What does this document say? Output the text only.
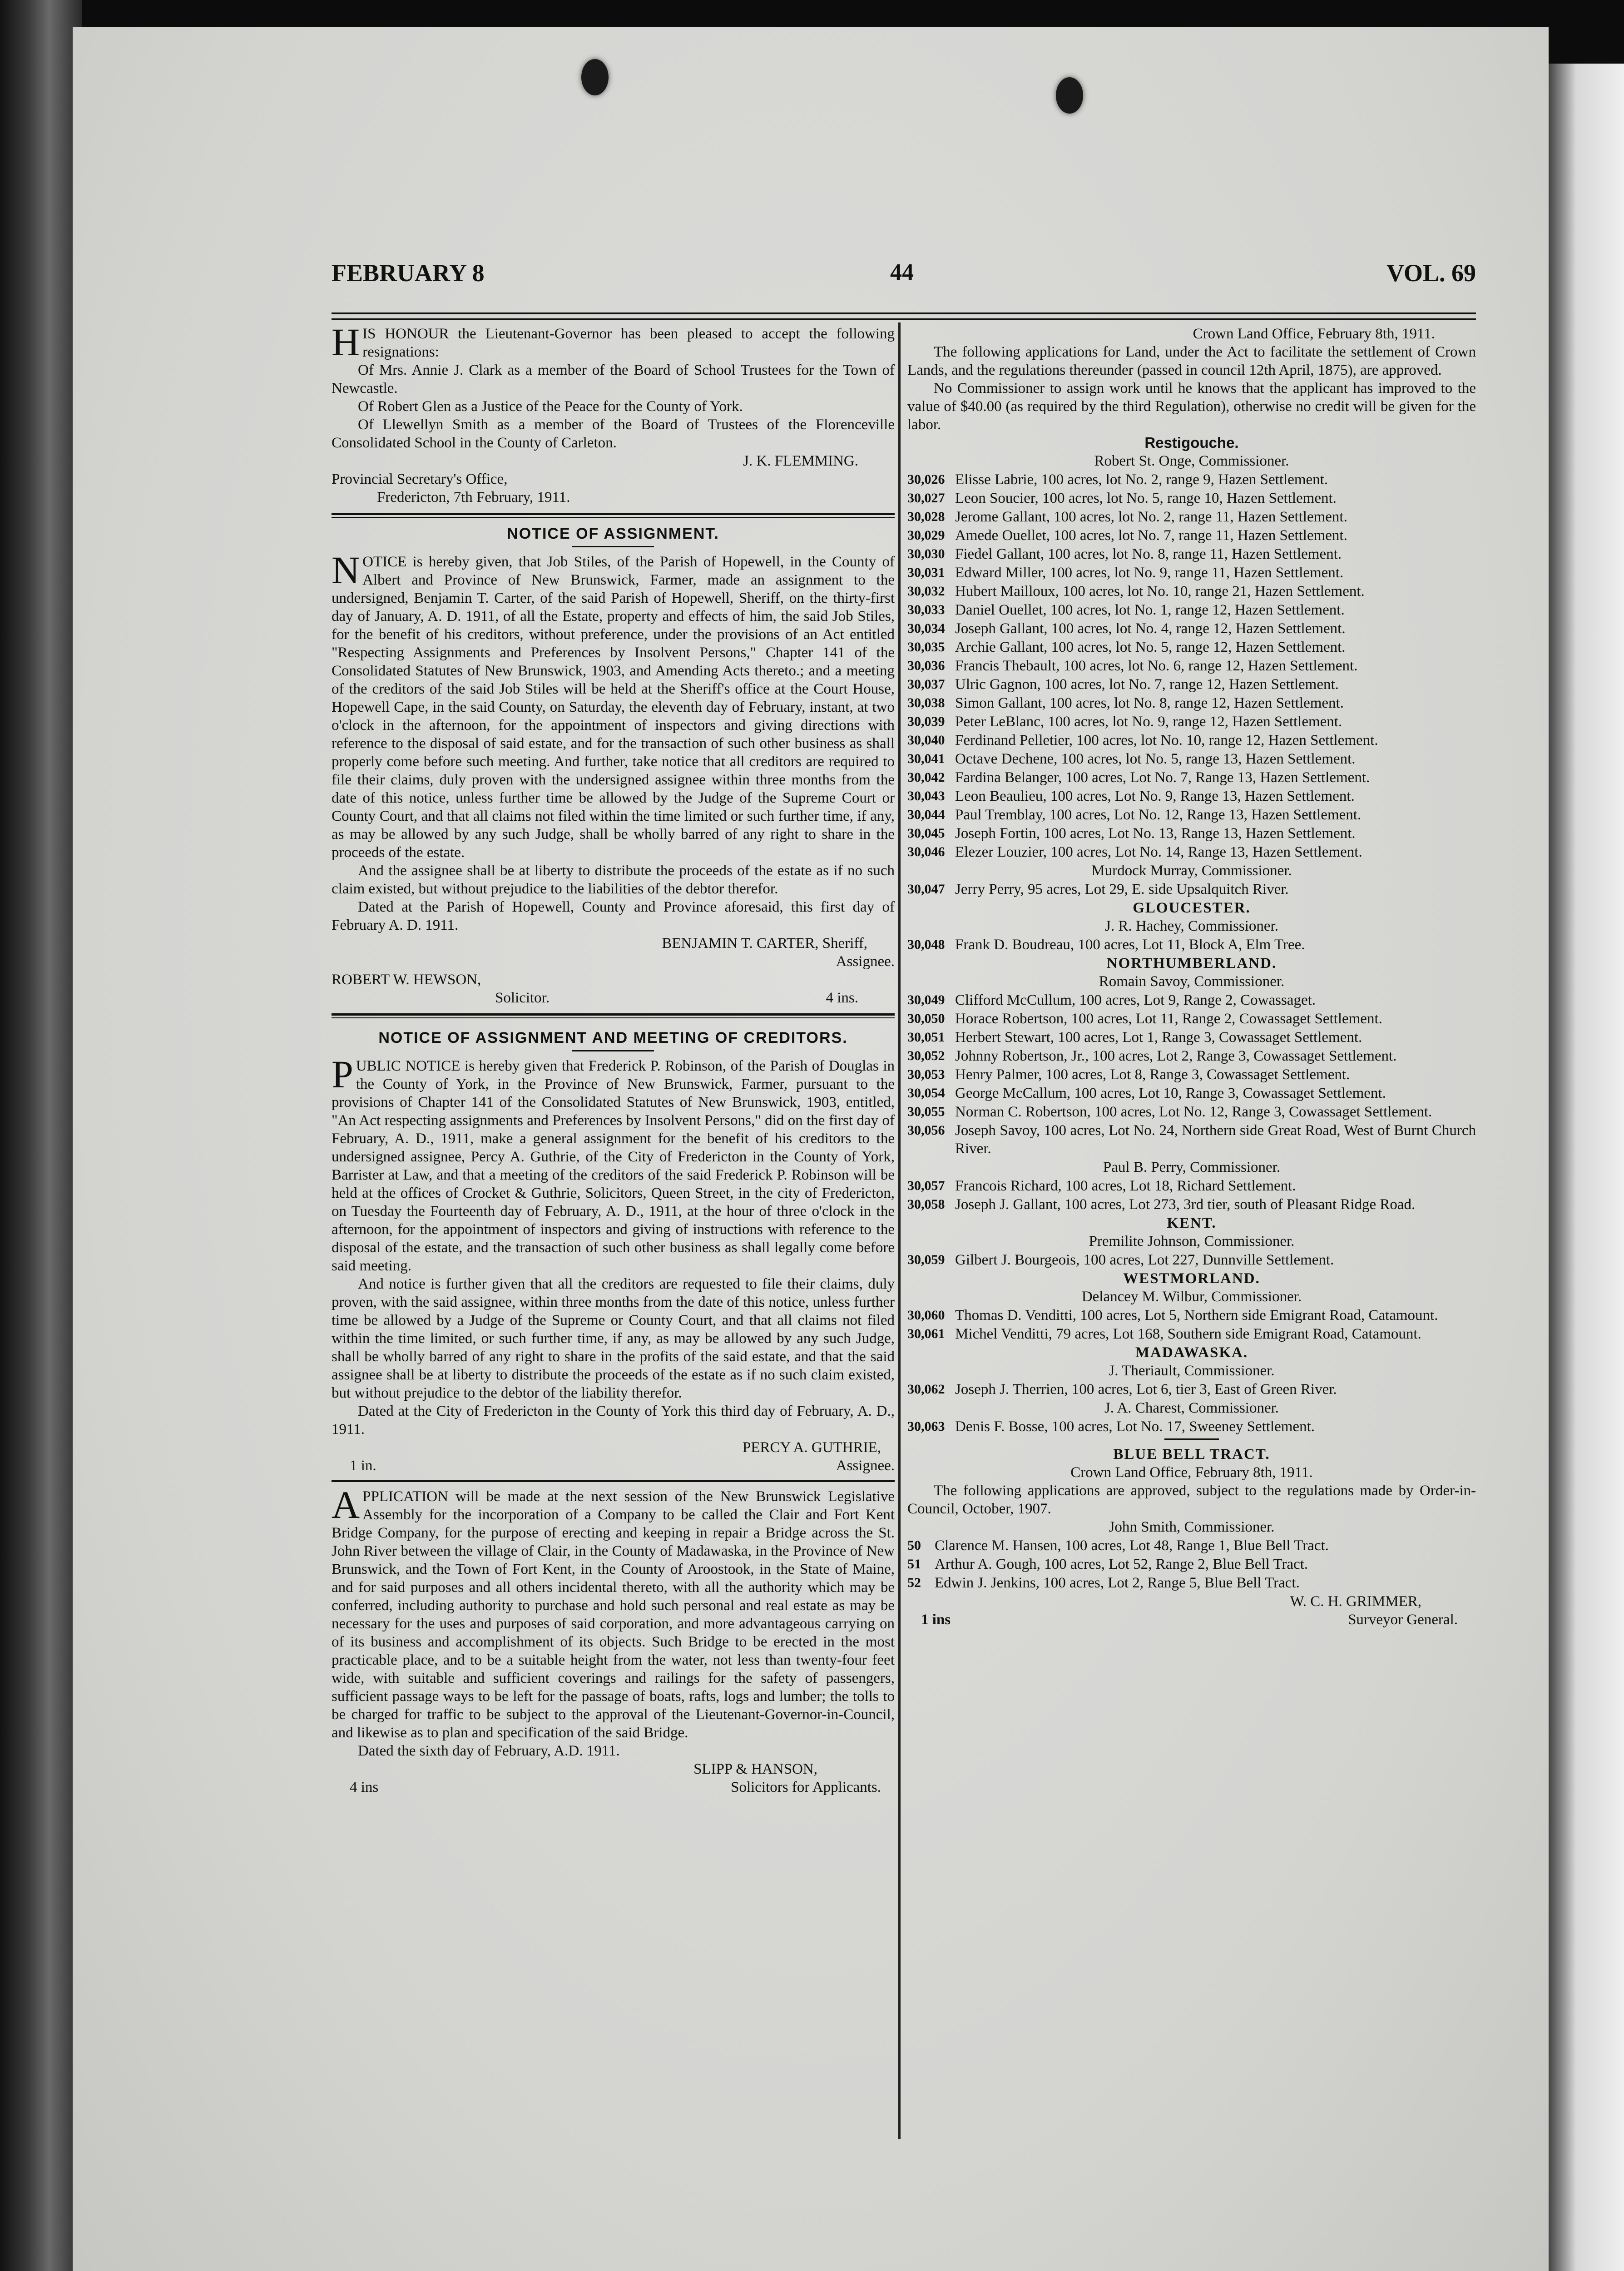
FEBRUARY 8	44	VOL. 69

HIS HONOUR the Lieutenant-Governor has been pleased to accept the following resignations:

Of Mrs. Annie J. Clark as a member of the Board of School Trustees for the Town of Newcastle.

Of Robert Glen as a Justice of the Peace for the County of York.

Of Llewellyn Smith as a member of the Board of Trustees of the Florenceville Consolidated School in the County of Carleton.

J. K. FLEMMING.

Provincial Secretary's Office,

Fredericton, 7th February, 1911.

NOTICE OF ASSIGNMENT.

NOTICE is hereby given, that Job Stiles, of the Parish of Hopewell, in the County of Albert and Province of New Brunswick, Farmer, made an assignment to the undersigned, Benjamin T. Carter, of the said Parish of Hopewell, Sheriff, on the thirty-first day of January, A. D. 1911, of all the Estate, property and effects of him, the said Job Stiles, for the benefit of his creditors, without preference, under the provisions of an Act entitled "Respecting Assignments and Preferences by Insolvent Persons," Chapter 141 of the Consolidated Statutes of New Brunswick, 1903, and Amending Acts thereto.; and a meeting of the creditors of the said Job Stiles will be held at the Sheriff's office at the Court House, Hopewell Cape, in the said County, on Saturday, the eleventh day of February, instant, at two o'clock in the afternoon, for the appointment of inspectors and giving directions with reference to the disposal of said estate, and for the transaction of such other business as shall properly come before such meeting. And further, take notice that all creditors are required to file their claims, duly proven with the undersigned assignee within three months from the date of this notice, unless further time be allowed by the Judge of the Supreme Court or County Court, and that all claims not filed within the time limited or such further time, if any, as may be allowed by any such Judge, shall be wholly barred of any right to share in the proceeds of the estate.

And the assignee shall be at liberty to distribute the proceeds of the estate as if no such claim existed, but without prejudice to the liabilities of the debtor therefor.

Dated at the Parish of Hopewell, County and Province aforesaid, this first day of February A. D. 1911.

BENJAMIN T. CARTER, Sheriff,

Assignee.

ROBERT W. HEWSON,

Solicitor.	4 ins.
NOTICE OF ASSIGNMENT AND MEETING OF CREDITORS.

PUBLIC NOTICE is hereby given that Frederick P. Robinson, of the Parish of Douglas in the County of York, in the Province of New Brunswick, Farmer, pursuant to the provisions of Chapter 141 of the Consolidated Statutes of New Brunswick, 1903, entitled, "An Act respecting assignments and Preferences by Insolvent Persons," did on the first day of February, A. D., 1911, make a general assignment for the benefit of his creditors to the undersigned assignee, Percy A. Guthrie, of the City of Fredericton in the County of York, Barrister at Law, and that a meeting of the creditors of the said Frederick P. Robinson will be held at the offices of Crocket & Guthrie, Solicitors, Queen Street, in the city of Fredericton, on Tuesday the Fourteenth day of February, A. D., 1911, at the hour of three o'clock in the afternoon, for the appointment of inspectors and giving of instructions with reference to the disposal of the estate, and the transaction of such other business as shall legally come before said meeting.

And notice is further given that all the creditors are requested to file their claims, duly proven, with the said assignee, within three months from the date of this notice, unless further time be allowed by a Judge of the Supreme or County Court, and that all claims not filed within the time limited, or such further time, if any, as may be allowed by any such Judge, shall be wholly barred of any right to share in the profits of the said estate, and that the said assignee shall be at liberty to distribute the proceeds of the estate as if no such claim existed, but without prejudice to the debtor of the liability therefor.

Dated at the City of Fredericton in the County of York this third day of February, A. D., 1911.

PERCY A. GUTHRIE,

1 in.	Assignee.

APPLICATION will be made at the next session of the New Brunswick Legislative Assembly for the incorporation of a Company to be called the Clair and Fort Kent Bridge Company, for the purpose of erecting and keeping in repair a Bridge across the St. John River between the village of Clair, in the County of Madawaska, in the Province of New Brunswick, and the Town of Fort Kent, in the County of Aroostook, in the State of Maine, and for said purposes and all others incidental thereto, with all the authority which may be conferred, including authority to purchase and hold such personal and real estate as may be necessary for the uses and purposes of said corporation, and more advantageous carrying on of its business and accomplishment of its objects. Such Bridge to be erected in the most practicable place, and to be a suitable height from the water, not less than twenty-four feet wide, with suitable and sufficient coverings and railings for the safety of passengers, sufficient passage ways to be left for the passage of boats, rafts, logs and lumber; the tolls to be charged for traffic to be subject to the approval of the Lieutenant-Governor-in-Council, and likewise as to plan and specification of the said Bridge.

Dated the sixth day of February, A.D. 1911.

SLIPP & HANSON,

4 ins	Solicitors for Applicants.

Crown Land Office, February 8th, 1911.

The following applications for Land, under the Act to facilitate the settlement of Crown Lands, and the regulations thereunder (passed in council 12th April, 1875), are approved.

No Commissioner to assign work until he knows that the applicant has improved to the value of $40.00 (as required by the third Regulation), otherwise no credit will be given for the labor.

Restigouche.

Robert St. Onge, Commissioner.

30,026 Elisse Labrie, 100 acres, lot No. 2, range 9, Hazen Settlement.
30,027 Leon Soucier, 100 acres, lot No. 5, range 10, Hazen Settlement.
30,028 Jerome Gallant, 100 acres, lot No. 2, range 11, Hazen Settlement.
30,029 Amede Ouellet, 100 acres, lot No. 7, range 11, Hazen Settlement.
30,030 Fiedel Gallant, 100 acres, lot No. 8, range 11, Hazen Settlement.
30,031 Edward Miller, 100 acres, lot No. 9, range 11, Hazen Settlement.
30,032 Hubert Mailloux, 100 acres, lot No. 10, range 21, Hazen Settlement.
30,033 Daniel Ouellet, 100 acres, lot No. 1, range 12, Hazen Settlement.
30,034 Joseph Gallant, 100 acres, lot No. 4, range 12, Hazen Settlement.
30,035 Archie Gallant, 100 acres, lot No. 5, range 12, Hazen Settlement.
30,036 Francis Thebault, 100 acres, lot No. 6, range 12, Hazen Settlement.
30,037 Ulric Gagnon, 100 acres, lot No. 7, range 12, Hazen Settlement.
30,038 Simon Gallant, 100 acres, lot No. 8, range 12, Hazen Settlement.
30,039 Peter LeBlanc, 100 acres, lot No. 9, range 12, Hazen Settlement.
30,040 Ferdinand Pelletier, 100 acres, lot No. 10, range 12, Hazen Settlement.
30,041 Octave Dechene, 100 acres, lot No. 5, range 13, Hazen Settlement.
30,042 Fardina Belanger, 100 acres, Lot No. 7, Range 13, Hazen Settlement.
30,043 Leon Beaulieu, 100 acres, Lot No. 9, Range 13, Hazen Settlement.
30,044 Paul Tremblay, 100 acres, Lot No. 12, Range 13, Hazen Settlement.
30,045 Joseph Fortin, 100 acres, Lot No. 13, Range 13, Hazen Settlement.
30,046 Elezer Louzier, 100 acres, Lot No. 14, Range 13, Hazen Settlement.

Murdock Murray, Commissioner.

30,047 Jerry Perry, 95 acres, Lot 29, E. side Upsalquitch River.
GLOUCESTER.

J. R. Hachey, Commissioner.

30,048 Frank D. Boudreau, 100 acres, Lot 11, Block A, Elm Tree.
NORTHUMBERLAND.

Romain Savoy, Commissioner.

30,049 Clifford McCullum, 100 acres, Lot 9, Range 2, Cowassaget.
30,050 Horace Robertson, 100 acres, Lot 11, Range 2, Cowassaget Settlement.
30,051 Herbert Stewart, 100 acres, Lot 1, Range 3, Cowassaget Settlement.
30,052 Johnny Robertson, Jr., 100 acres, Lot 2, Range 3, Cowassaget Settlement.
30,053 Henry Palmer, 100 acres, Lot 8, Range 3, Cowassaget Settlement.
30,054 George McCallum, 100 acres, Lot 10, Range 3, Cowassaget Settlement.
30,055 Norman C. Robertson, 100 acres, Lot No. 12, Range 3, Cowassaget Settlement.
30,056 Joseph Savoy, 100 acres, Lot No. 24, Northern side Great Road, West of Burnt Church River.

Paul B. Perry, Commissioner.

30,057 Francois Richard, 100 acres, Lot 18, Richard Settlement.
30,058 Joseph J. Gallant, 100 acres, Lot 273, 3rd tier, south of Pleasant Ridge Road.
KENT.

Premilite Johnson, Commissioner.

30,059 Gilbert J. Bourgeois, 100 acres, Lot 227, Dunnville Settlement.
WESTMORLAND.

Delancey M. Wilbur, Commissioner.

30,060 Thomas D. Venditti, 100 acres, Lot 5, Northern side Emigrant Road, Catamount.
30,061 Michel Venditti, 79 acres, Lot 168, Southern side Emigrant Road, Catamount.
MADAWASKA.

J. Theriault, Commissioner.

30,062 Joseph J. Therrien, 100 acres, Lot 6, tier 3, East of Green River.

J. A. Charest, Commissioner.

30,063 Denis F. Bosse, 100 acres, Lot No. 17, Sweeney Settlement.
BLUE BELL TRACT.

Crown Land Office, February 8th, 1911.

The following applications are approved, subject to the regulations made by Order-in-Council, October, 1907.

John Smith, Commissioner.

50 Clarence M. Hansen, 100 acres, Lot 48, Range 1, Blue Bell Tract.
51 Arthur A. Gough, 100 acres, Lot 52, Range 2, Blue Bell Tract.
52 Edwin J. Jenkins, 100 acres, Lot 2, Range 5, Blue Bell Tract.

W. C. H. GRIMMER,

1 ins	Surveyor General.
